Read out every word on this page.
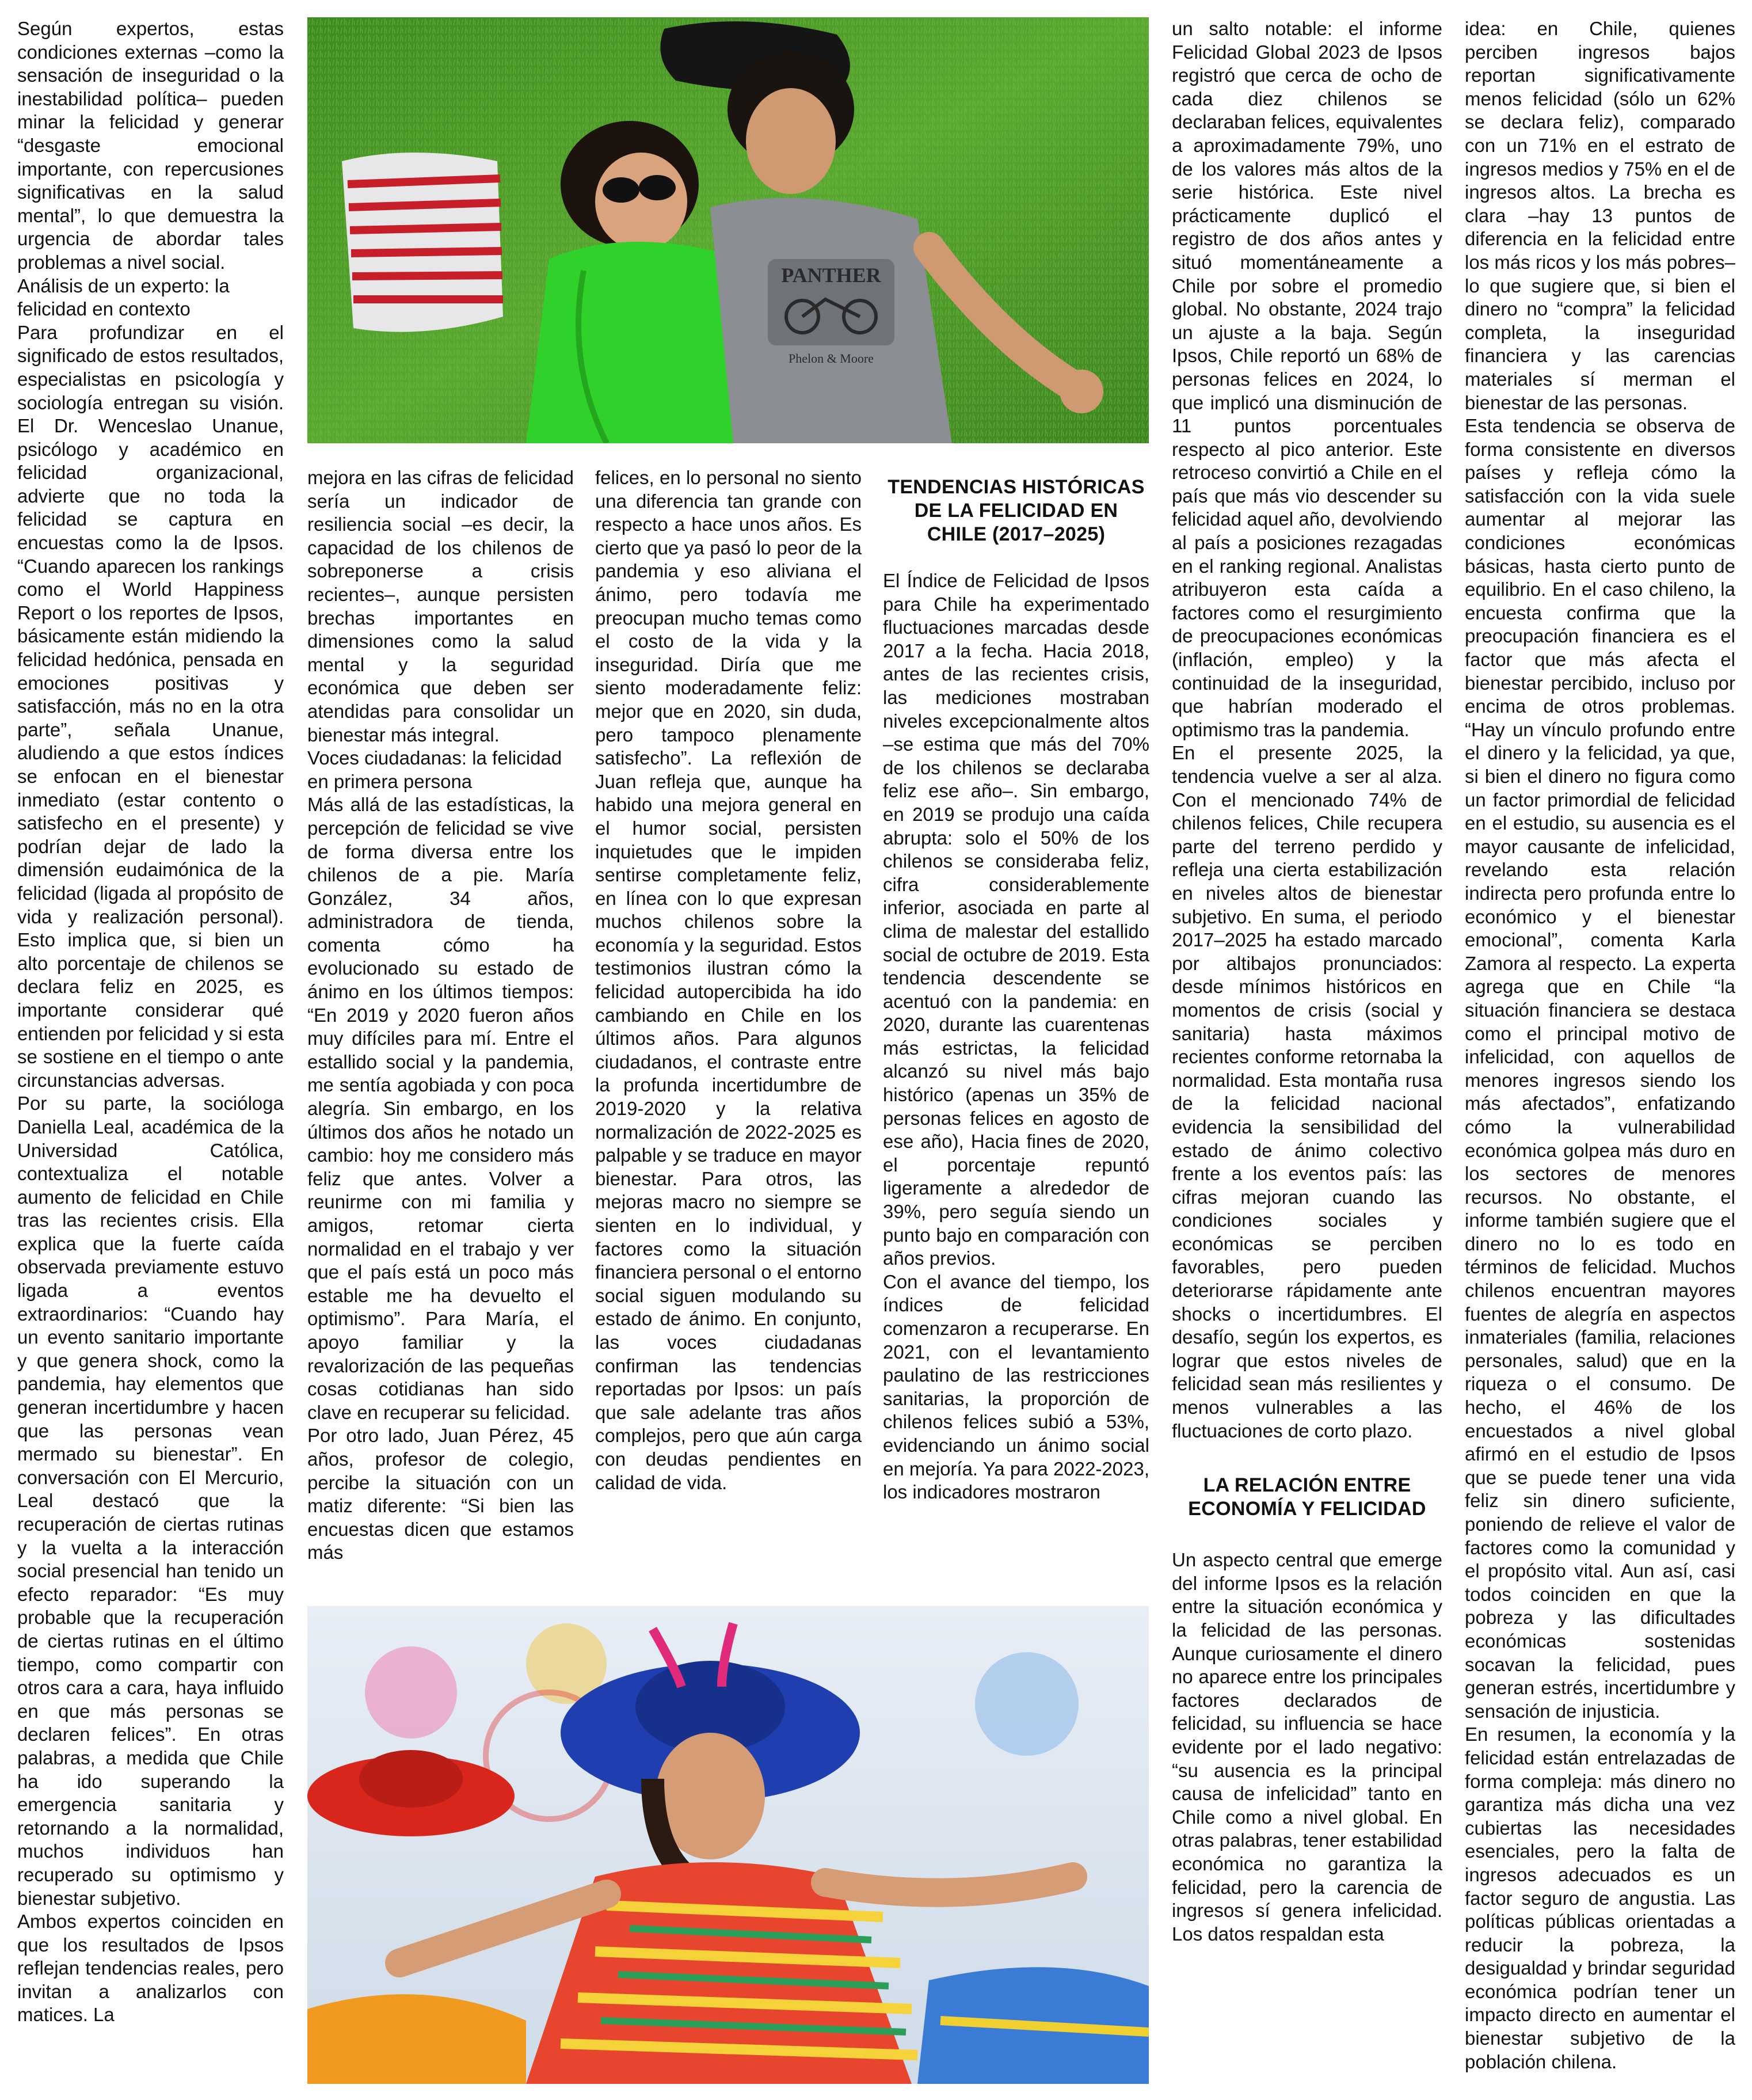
PANTHER
Phelon & Moore

Según expertos, estas condiciones externas –como la sensación de inseguridad o la inestabilidad política– pueden minar la felicidad y generar “desgaste emocional importante, con repercusiones significativas en la salud mental”, lo que demuestra la urgencia de abordar tales problemas a nivel social.

Análisis de un experto: la felicidad en contexto

Para profundizar en el significado de estos resultados, especialistas en psicología y sociología entregan su visión. El Dr. Wenceslao Unanue, psicólogo y académico en felicidad organizacional, advierte que no toda la felicidad se captura en encuestas como la de Ipsos. “Cuando aparecen los rankings como el World Happiness Report o los reportes de Ipsos, básicamente están midiendo la felicidad hedónica, pensada en emociones positivas y satisfacción, más no en la otra parte”, señala Unanue, aludiendo a que estos índices se enfocan en el bienestar inmediato (estar contento o satisfecho en el presente) y podrían dejar de lado la dimensión eudaimónica de la felicidad (ligada al propósito de vida y realización personal). Esto implica que, si bien un alto porcentaje de chilenos se declara feliz en 2025, es importante considerar qué entienden por felicidad y si esta se sostiene en el tiempo o ante circunstancias adversas.

Por su parte, la socióloga Daniella Leal, académica de la Universidad Católica, contextualiza el notable aumento de felicidad en Chile tras las recientes crisis. Ella explica que la fuerte caída observada previamente estuvo ligada a eventos extraordinarios: “Cuando hay un evento sanitario importante y que genera shock, como la pandemia, hay elementos que generan incertidumbre y hacen que las personas vean mermado su bienestar”. En conversación con El Mercurio, Leal destacó que la recuperación de ciertas rutinas y la vuelta a la interacción social presencial han tenido un efecto reparador: “Es muy probable que la recuperación de ciertas rutinas en el último tiempo, como compartir con otros cara a cara, haya influido en que más personas se declaren felices”. En otras palabras, a medida que Chile ha ido superando la emergencia sanitaria y retornando a la normalidad, muchos individuos han recuperado su optimismo y bienestar subjetivo.

Ambos expertos coinciden en que los resultados de Ipsos reflejan tendencias reales, pero invitan a analizarlos con matices. La

mejora en las cifras de felicidad sería un indicador de resiliencia social –es decir, la capacidad de los chilenos de sobreponerse a crisis recientes–, aunque persisten brechas importantes en dimensiones como la salud mental y la seguridad económica que deben ser atendidas para consolidar un bienestar más integral.

Voces ciudadanas: la felicidad en primera persona

Más allá de las estadísticas, la percepción de felicidad se vive de forma diversa entre los chilenos de a pie. María González, 34 años, administradora de tienda, comenta cómo ha evolucionado su estado de ánimo en los últimos tiempos: “En 2019 y 2020 fueron años muy difíciles para mí. Entre el estallido social y la pandemia, me sentía agobiada y con poca alegría. Sin embargo, en los últimos dos años he notado un cambio: hoy me considero más feliz que antes. Volver a reunirme con mi familia y amigos, retomar cierta normalidad en el trabajo y ver que el país está un poco más estable me ha devuelto el optimismo”. Para María, el apoyo familiar y la revalorización de las pequeñas cosas cotidianas han sido clave en recuperar su felicidad.

Por otro lado, Juan Pérez, 45 años, profesor de colegio, percibe la situación con un matiz diferente: “Si bien las encuestas dicen que estamos más

felices, en lo personal no siento una diferencia tan grande con respecto a hace unos años. Es cierto que ya pasó lo peor de la pandemia y eso aliviana el ánimo, pero todavía me preocupan mucho temas como el costo de la vida y la inseguridad. Diría que me siento moderadamente feliz: mejor que en 2020, sin duda, pero tampoco plenamente satisfecho”. La reflexión de Juan refleja que, aunque ha habido una mejora general en el humor social, persisten inquietudes que le impiden sentirse completamente feliz, en línea con lo que expresan muchos chilenos sobre la economía y la seguridad. Estos testimonios ilustran cómo la felicidad autopercibida ha ido cambiando en Chile en los últimos años. Para algunos ciudadanos, el contraste entre la profunda incertidumbre de 2019-2020 y la relativa normalización de 2022-2025 es palpable y se traduce en mayor bienestar. Para otros, las mejoras macro no siempre se sienten en lo individual, y factores como la situación financiera personal o el entorno social siguen modulando su estado de ánimo. En conjunto, las voces ciudadanas confirman las tendencias reportadas por Ipsos: un país que sale adelante tras años complejos, pero que aún carga con deudas pendientes en calidad de vida.

TENDENCIAS HISTÓRICAS DE LA FELICIDAD EN CHILE (2017–2025)

El Índice de Felicidad de Ipsos para Chile ha experimentado fluctuaciones marcadas desde 2017 a la fecha. Hacia 2018, antes de las recientes crisis, las mediciones mostraban niveles excepcionalmente altos –se estima que más del 70% de los chilenos se declaraba feliz ese año–. Sin embargo, en 2019 se produjo una caída abrupta: solo el 50% de los chilenos se consideraba feliz, cifra considerablemente inferior, asociada en parte al clima de malestar del estallido social de octubre de 2019. Esta tendencia descendente se acentuó con la pandemia: en 2020, durante las cuarentenas más estrictas, la felicidad alcanzó su nivel más bajo histórico (apenas un 35% de personas felices en agosto de ese año), Hacia fines de 2020, el porcentaje repuntó ligeramente a alrededor de 39%, pero seguía siendo un punto bajo en comparación con años previos.

Con el avance del tiempo, los índices de felicidad comenzaron a recuperarse. En 2021, con el levantamiento paulatino de las restricciones sanitarias, la proporción de chilenos felices subió a 53%, evidenciando un ánimo social en mejoría. Ya para 2022-2023, los indicadores mostraron

un salto notable: el informe Felicidad Global 2023 de Ipsos registró que cerca de ocho de cada diez chilenos se declaraban felices, equivalentes a aproximadamente 79%, uno de los valores más altos de la serie histórica. Este nivel prácticamente duplicó el registro de dos años antes y situó momentáneamente a Chile por sobre el promedio global. No obstante, 2024 trajo un ajuste a la baja. Según Ipsos, Chile reportó un 68% de personas felices en 2024, lo que implicó una disminución de 11 puntos porcentuales respecto al pico anterior. Este retroceso convirtió a Chile en el país que más vio descender su felicidad aquel año, devolviendo al país a posiciones rezagadas en el ranking regional. Analistas atribuyeron esta caída a factores como el resurgimiento de preocupaciones económicas (inflación, empleo) y la continuidad de la inseguridad, que habrían moderado el optimismo tras la pandemia.

En el presente 2025, la tendencia vuelve a ser al alza. Con el mencionado 74% de chilenos felices, Chile recupera parte del terreno perdido y refleja una cierta estabilización en niveles altos de bienestar subjetivo. En suma, el periodo 2017–2025 ha estado marcado por altibajos pronunciados: desde mínimos históricos en momentos de crisis (social y sanitaria) hasta máximos recientes conforme retornaba la normalidad. Esta montaña rusa de la felicidad nacional evidencia la sensibilidad del estado de ánimo colectivo frente a los eventos país: las cifras mejoran cuando las condiciones sociales y económicas se perciben favorables, pero pueden deteriorarse rápidamente ante shocks o incertidumbres. El desafío, según los expertos, es lograr que estos niveles de felicidad sean más resilientes y menos vulnerables a las fluctuaciones de corto plazo.

LA RELACIÓN ENTRE ECONOMÍA Y FELICIDAD

Un aspecto central que emerge del informe Ipsos es la relación entre la situación económica y la felicidad de las personas. Aunque curiosamente el dinero no aparece entre los principales factores declarados de felicidad, su influencia se hace evidente por el lado negativo: “su ausencia es la principal causa de infelicidad” tanto en Chile como a nivel global. En otras palabras, tener estabilidad económica no garantiza la felicidad, pero la carencia de ingresos sí genera infelicidad. Los datos respaldan esta

idea: en Chile, quienes perciben ingresos bajos reportan significativamente menos felicidad (sólo un 62% se declara feliz), comparado con un 71% en el estrato de ingresos medios y 75% en el de ingresos altos. La brecha es clara –hay 13 puntos de diferencia en la felicidad entre los más ricos y los más pobres– lo que sugiere que, si bien el dinero no “compra” la felicidad completa, la inseguridad financiera y las carencias materiales sí merman el bienestar de las personas.

Esta tendencia se observa de forma consistente en diversos países y refleja cómo la satisfacción con la vida suele aumentar al mejorar las condiciones económicas básicas, hasta cierto punto de equilibrio. En el caso chileno, la encuesta confirma que la preocupación financiera es el factor que más afecta el bienestar percibido, incluso por encima de otros problemas. “Hay un vínculo profundo entre el dinero y la felicidad, ya que, si bien el dinero no figura como un factor primordial de felicidad en el estudio, su ausencia es el mayor causante de infelicidad, revelando esta relación indirecta pero profunda entre lo económico y el bienestar emocional”, comenta Karla Zamora al respecto. La experta agrega que en Chile “la situación financiera se destaca como el principal motivo de infelicidad, con aquellos de menores ingresos siendo los más afectados”, enfatizando cómo la vulnerabilidad económica golpea más duro en los sectores de menores recursos. No obstante, el informe también sugiere que el dinero no lo es todo en términos de felicidad. Muchos chilenos encuentran mayores fuentes de alegría en aspectos inmateriales (familia, relaciones personales, salud) que en la riqueza o el consumo. De hecho, el 46% de los encuestados a nivel global afirmó en el estudio de Ipsos que se puede tener una vida feliz sin dinero suficiente, poniendo de relieve el valor de factores como la comunidad y el propósito vital. Aun así, casi todos coinciden en que la pobreza y las dificultades económicas sostenidas socavan la felicidad, pues generan estrés, incertidumbre y sensación de injusticia.

En resumen, la economía y la felicidad están entrelazadas de forma compleja: más dinero no garantiza más dicha una vez cubiertas las necesidades esenciales, pero la falta de ingresos adecuados es un factor seguro de angustia. Las políticas públicas orientadas a reducir la pobreza, la desigualdad y brindar seguridad económica podrían tener un impacto directo en aumentar el bienestar subjetivo de la población chilena.
